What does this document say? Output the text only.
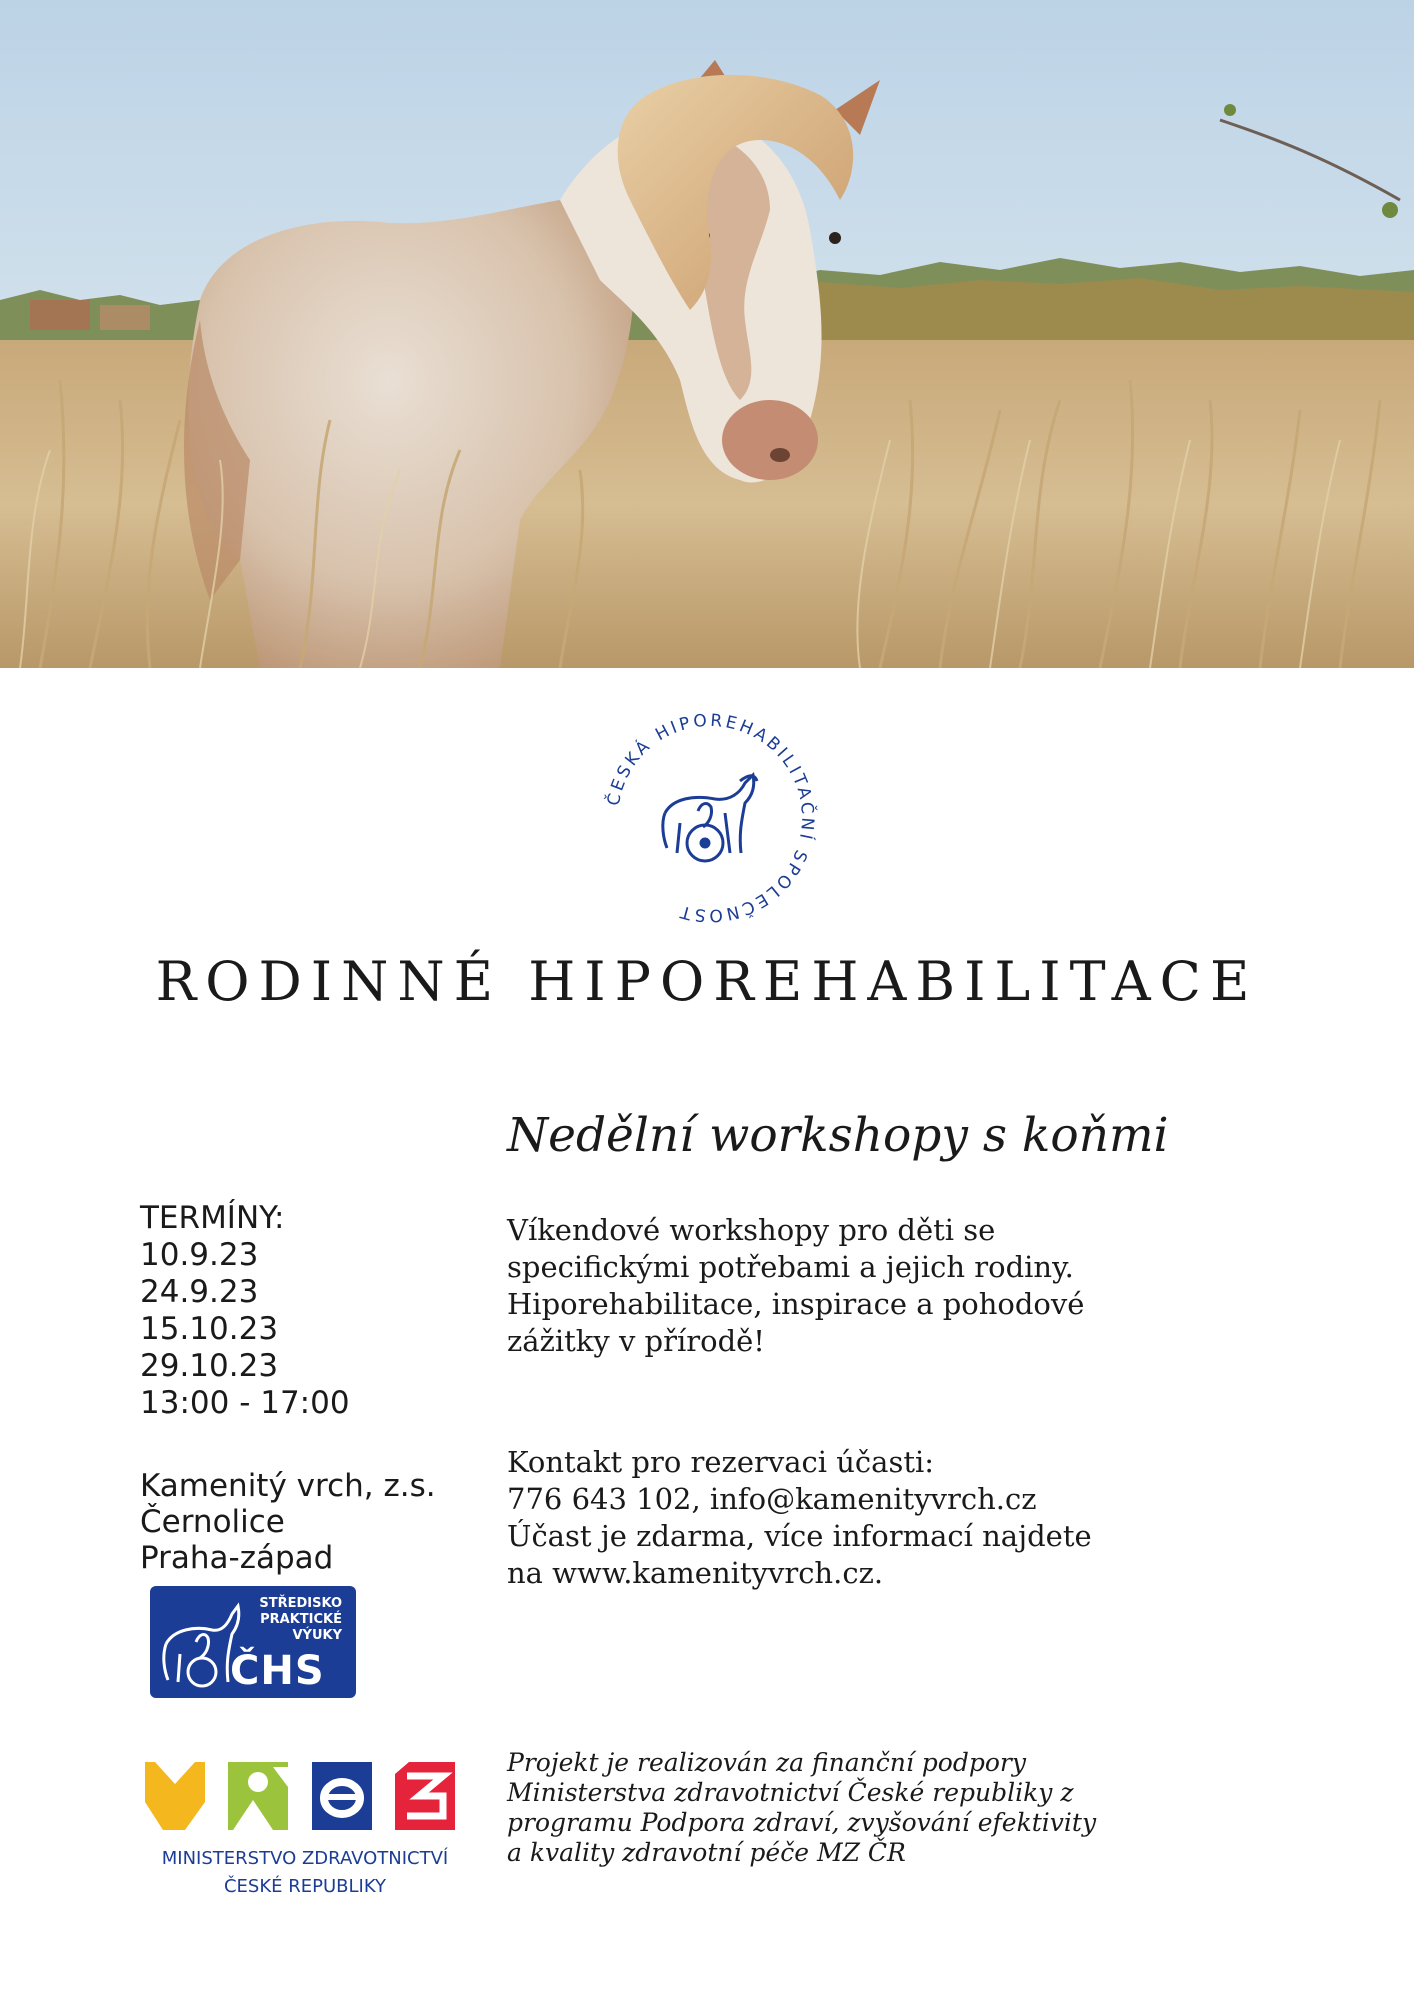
ČESKÁ HIPOREHABILITAČNÍ SPOLEČNOST
RODINNÉ HIPOREHABILITACE
Nedělní workshopy s koňmi
TERMÍNY:
10.9.23
24.9.23
15.10.23
29.10.23
13:00 - 17:00
Kamenitý vrch, z.s.
Černolice
Praha-západ
STŘEDISKO
PRAKTICKÉ
VÝUKY
ČHS
MINISTERSTVO ZDRAVOTNICTVÍ
ČESKÉ REPUBLIKY
Víkendové workshopy pro děti se
specifickými potřebami a jejich rodiny.
Hiporehabilitace, inspirace a pohodové
zážitky v přírodě!
Kontakt pro rezervaci účasti:
776 643 102, info@kamenityvrch.cz
Účast je zdarma, více informací najdete
na www.kamenityvrch.cz.
Projekt je realizován za finanční podpory
Ministerstva zdravotnictví České republiky z
programu Podpora zdraví, zvyšování efektivity
a kvality zdravotní péče MZ ČR
